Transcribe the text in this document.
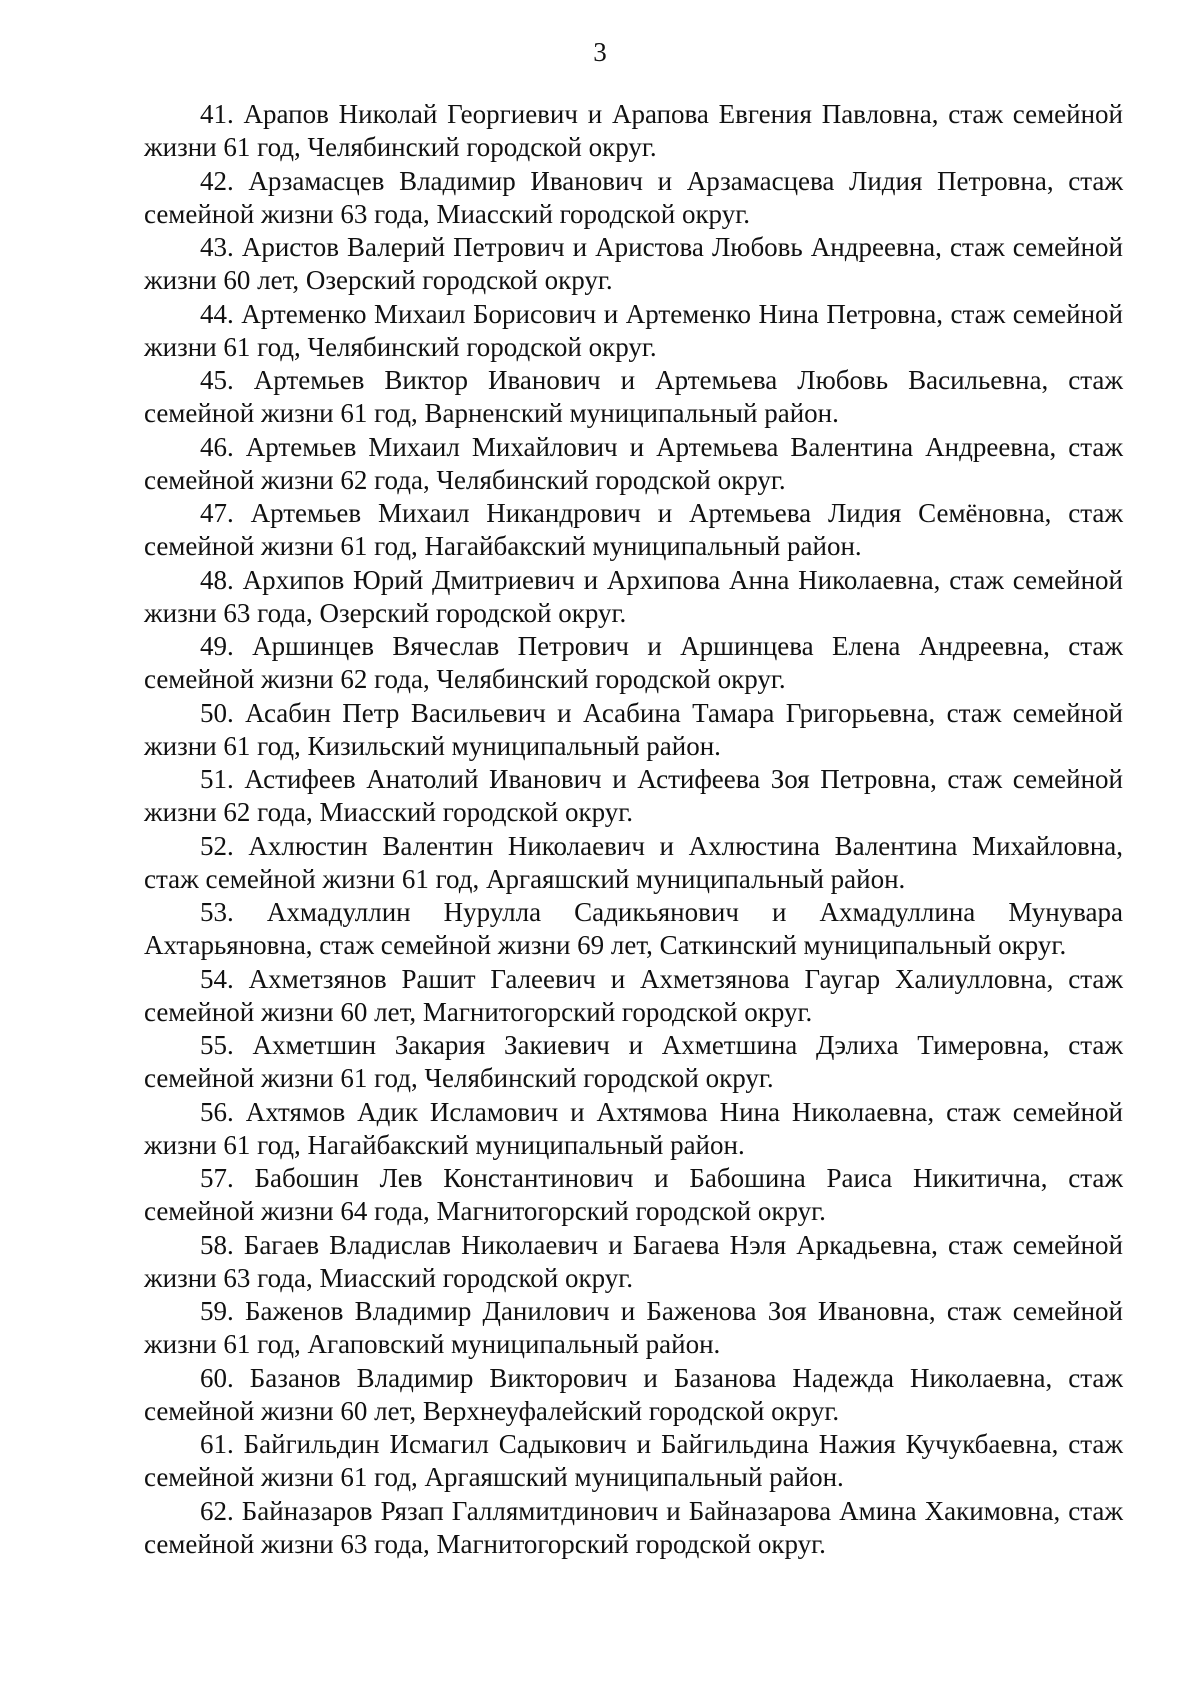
3

41. Арапов Николай Георгиевич и Арапова Евгения Павловна, стаж семейной жизни 61 год, Челябинский городской округ.

42. Арзамасцев Владимир Иванович и Арзамасцева Лидия Петровна, стаж семейной жизни 63 года, Миасский городской округ.

43. Аристов Валерий Петрович и Аристова Любовь Андреевна, стаж семейной жизни 60 лет, Озерский городской округ.

44. Артеменко Михаил Борисович и Артеменко Нина Петровна, стаж семейной жизни 61 год, Челябинский городской округ.

45. Артемьев Виктор Иванович и Артемьева Любовь Васильевна, стаж семейной жизни 61 год, Варненский муниципальный район.

46. Артемьев Михаил Михайлович и Артемьева Валентина Андреевна, стаж семейной жизни 62 года, Челябинский городской округ.

47. Артемьев Михаил Никандрович и Артемьева Лидия Семёновна, стаж семейной жизни 61 год, Нагайбакский муниципальный район.

48. Архипов Юрий Дмитриевич и Архипова Анна Николаевна, стаж семейной жизни 63 года, Озерский городской округ.

49. Аршинцев Вячеслав Петрович и Аршинцева Елена Андреевна, стаж семейной жизни 62 года, Челябинский городской округ.

50. Асабин Петр Васильевич и Асабина Тамара Григорьевна, стаж семейной жизни 61 год, Кизильский муниципальный район.

51. Астифеев Анатолий Иванович и Астифеева Зоя Петровна, стаж семейной жизни 62 года, Миасский городской округ.

52. Ахлюстин Валентин Николаевич и Ахлюстина Валентина Михайловна, стаж семейной жизни 61 год, Аргаяшский муниципальный район.

53. Ахмадуллин Нурулла Садикьянович и Ахмадуллина Мунувара Ахтарьяновна, стаж семейной жизни 69 лет, Саткинский муниципальный округ.

54. Ахметзянов Рашит Галеевич и Ахметзянова Гаугар Халиулловна, стаж семейной жизни 60 лет, Магнитогорский городской округ.

55. Ахметшин Закария Закиевич и Ахметшина Дэлиха Тимеровна, стаж семейной жизни 61 год, Челябинский городской округ.

56. Ахтямов Адик Исламович и Ахтямова Нина Николаевна, стаж семейной жизни 61 год, Нагайбакский муниципальный район.

57. Бабошин Лев Константинович и Бабошина Раиса Никитична, стаж семейной жизни 64 года, Магнитогорский городской округ.

58. Багаев Владислав Николаевич и Багаева Нэля Аркадьевна, стаж семейной жизни 63 года, Миасский городской округ.

59. Баженов Владимир Данилович и Баженова Зоя Ивановна, стаж семейной жизни 61 год, Агаповский муниципальный район.

60. Базанов Владимир Викторович и Базанова Надежда Николаевна, стаж семейной жизни 60 лет, Верхнеуфалейский городской округ.

61. Байгильдин Исмагил Садыкович и Байгильдина Нажия Кучукбаевна, стаж семейной жизни 61 год, Аргаяшский муниципальный район.

62. Байназаров Рязап Галлямитдинович и Байназарова Амина Хакимовна, стаж семейной жизни 63 года, Магнитогорский городской округ.
